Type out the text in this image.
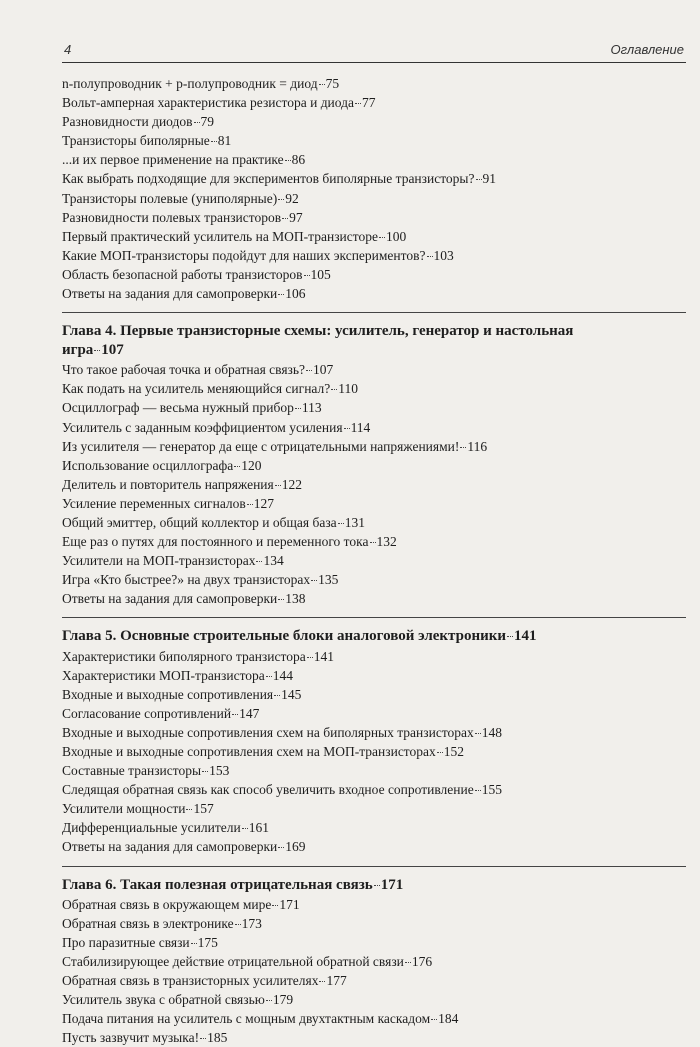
4	Оглавление
n-полупроводник + p-полупроводник = диод 75
Вольт-амперная характеристика резистора и диода 77
Разновидности диодов 79
Транзисторы биполярные 81
...и их первое применение на практике 86
Как выбрать подходящие для экспериментов биполярные транзисторы? 91
Транзисторы полевые (униполярные) 92
Разновидности полевых транзисторов 97
Первый практический усилитель на МОП-транзисторе 100
Какие МОП-транзисторы подойдут для наших экспериментов? 103
Область безопасной работы транзисторов 105
Ответы на задания для самопроверки 106
Глава 4. Первые транзисторные схемы: усилитель, генератор и настольная
игра 107
Что такое рабочая точка и обратная связь? 107
Как подать на усилитель меняющийся сигнал? 110
Осциллограф — весьма нужный прибор 113
Усилитель с заданным коэффициентом усиления 114
Из усилителя — генератор да еще с отрицательными напряжениями! 116
Использование осциллографа 120
Делитель и повторитель напряжения 122
Усиление переменных сигналов 127
Общий эмиттер, общий коллектор и общая база 131
Еще раз о путях для постоянного и переменного тока 132
Усилители на МОП-транзисторах 134
Игра «Кто быстрее?» на двух транзисторах 135
Ответы на задания для самопроверки 138
Глава 5. Основные строительные блоки аналоговой электроники 141
Характеристики биполярного транзистора 141
Характеристики МОП-транзистора 144
Входные и выходные сопротивления 145
Согласование сопротивлений 147
Входные и выходные сопротивления схем на биполярных транзисторах 148
Входные и выходные сопротивления схем на МОП-транзисторах 152
Составные транзисторы 153
Следящая обратная связь как способ увеличить входное сопротивление 155
Усилители мощности 157
Дифференциальные усилители 161
Ответы на задания для самопроверки 169
Глава 6. Такая полезная отрицательная связь 171
Обратная связь в окружающем мире 171
Обратная связь в электронике 173
Про паразитные связи 175
Стабилизирующее действие отрицательной обратной связи 176
Обратная связь в транзисторных усилителях 177
Усилитель звука с обратной связью 179
Подача питания на усилитель с мощным двухтактным каскадом 184
Пусть зазвучит музыка! 185
